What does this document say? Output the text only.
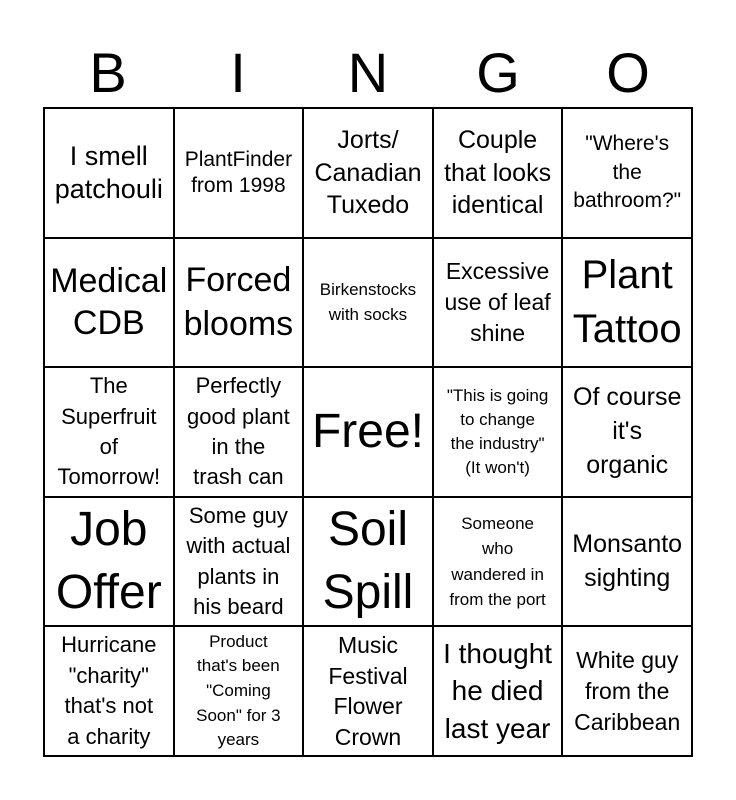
B	I	N	G	O
I smell
patchouli
PlantFinder
from 1998
Jorts/
Canadian
Tuxedo
Couple
that looks
identical
"Where's
the
bathroom?"
Medical
CDB
Forced
blooms
Birkenstocks
with socks
Excessive
use of leaf
shine
Plant
Tattoo
The
Superfruit
of
Tomorrow!
Perfectly
good plant
in the
trash can
Free!
"This is going
to change
the industry"
(It won't)
Of course
it's
organic
Job
Offer
Some guy
with actual
plants in
his beard
Soil
Spill
Someone
who
wandered in
from the port
Monsanto
sighting
Hurricane
"charity"
that's not
a charity
Product
that's been
"Coming
Soon" for 3
years
Music
Festival
Flower
Crown
I thought
he died
last year
White guy
from the
Caribbean
